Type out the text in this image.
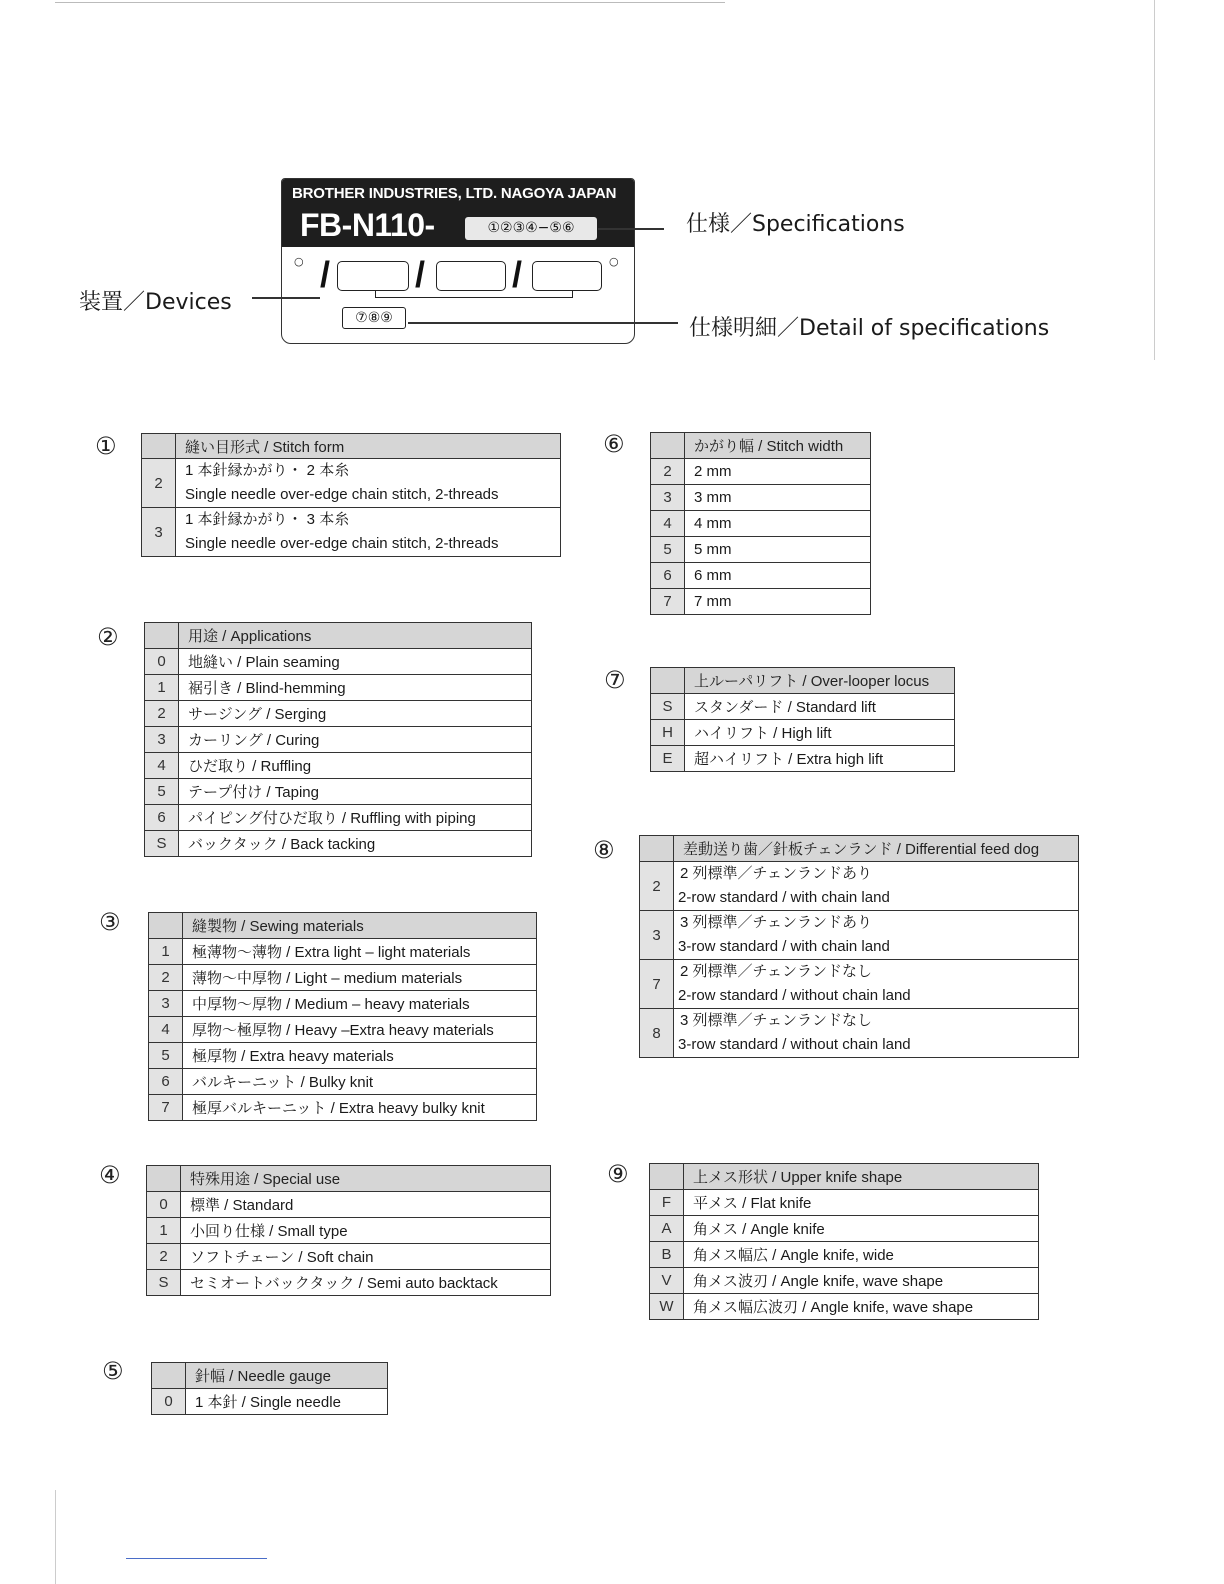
BROTHER INDUSTRIES, LTD. NAGOYA JAPAN
FB-N110-	①②③④−⑤⑥
○	○
/ / /
⑦⑧⑨
仕様／Specifications
装置／Devices
仕様明細／Detail of specifications
①
		縫い目形式 / Stitch form
2	1 本針縁かがり・ 2 本糸
Single needle over-edge chain stitch, 2-threads

3	1 本針縁かがり・ 3 本糸
Single needle over-edge chain stitch, 2-threads
②
		用途 / Applications
0	地縫い / Plain seaming
1	裾引き / Blind-hemming
2	サージング / Serging
3	カーリング / Curing
4	ひだ取り / Ruffling
5	テープ付け / Taping
6	パイピング付ひだ取り / Ruffling with piping
S	バックタック / Back tacking
③
		縫製物 / Sewing materials
1	極薄物〜薄物 / Extra light – light materials
2	薄物〜中厚物 / Light – medium materials
3	中厚物〜厚物 / Medium – heavy materials
4	厚物〜極厚物 / Heavy –Extra heavy materials
5	極厚物 / Extra heavy materials
6	バルキーニット / Bulky knit
7	極厚バルキーニット / Extra heavy bulky knit
④
		特殊用途 / Special use
0	標準 / Standard
1	小回り仕様 / Small type
2	ソフトチェーン / Soft chain
S	セミオートバックタック / Semi auto backtack
⑤
		針幅 / Needle gauge
0	1 本針 / Single needle
⑥
		かがり幅 / Stitch width
2	2 mm
3	3 mm
4	4 mm
5	5 mm
6	6 mm
7	7 mm
⑦
		上ルーパリフト / Over-looper locus
S	スタンダード / Standard lift
H	ハイリフト / High lift
E	超ハイリフト / Extra high lift
⑧
		差動送り歯／針板チェンランド / Differential feed dog
2	2 列標準／チェンランドあり
2-row standard / with chain land

3	3 列標準／チェンランドあり
3-row standard / with chain land

7	2 列標準／チェンランドなし
2-row standard / without chain land

8	3 列標準／チェンランドなし
3-row standard / without chain land
⑨
		上メス形状 / Upper knife shape
F	平メス / Flat knife
A	角メス / Angle knife
B	角メス幅広 / Angle knife, wide
V	角メス波刃 / Angle knife, wave shape
W	角メス幅広波刃 / Angle knife, wave shape
